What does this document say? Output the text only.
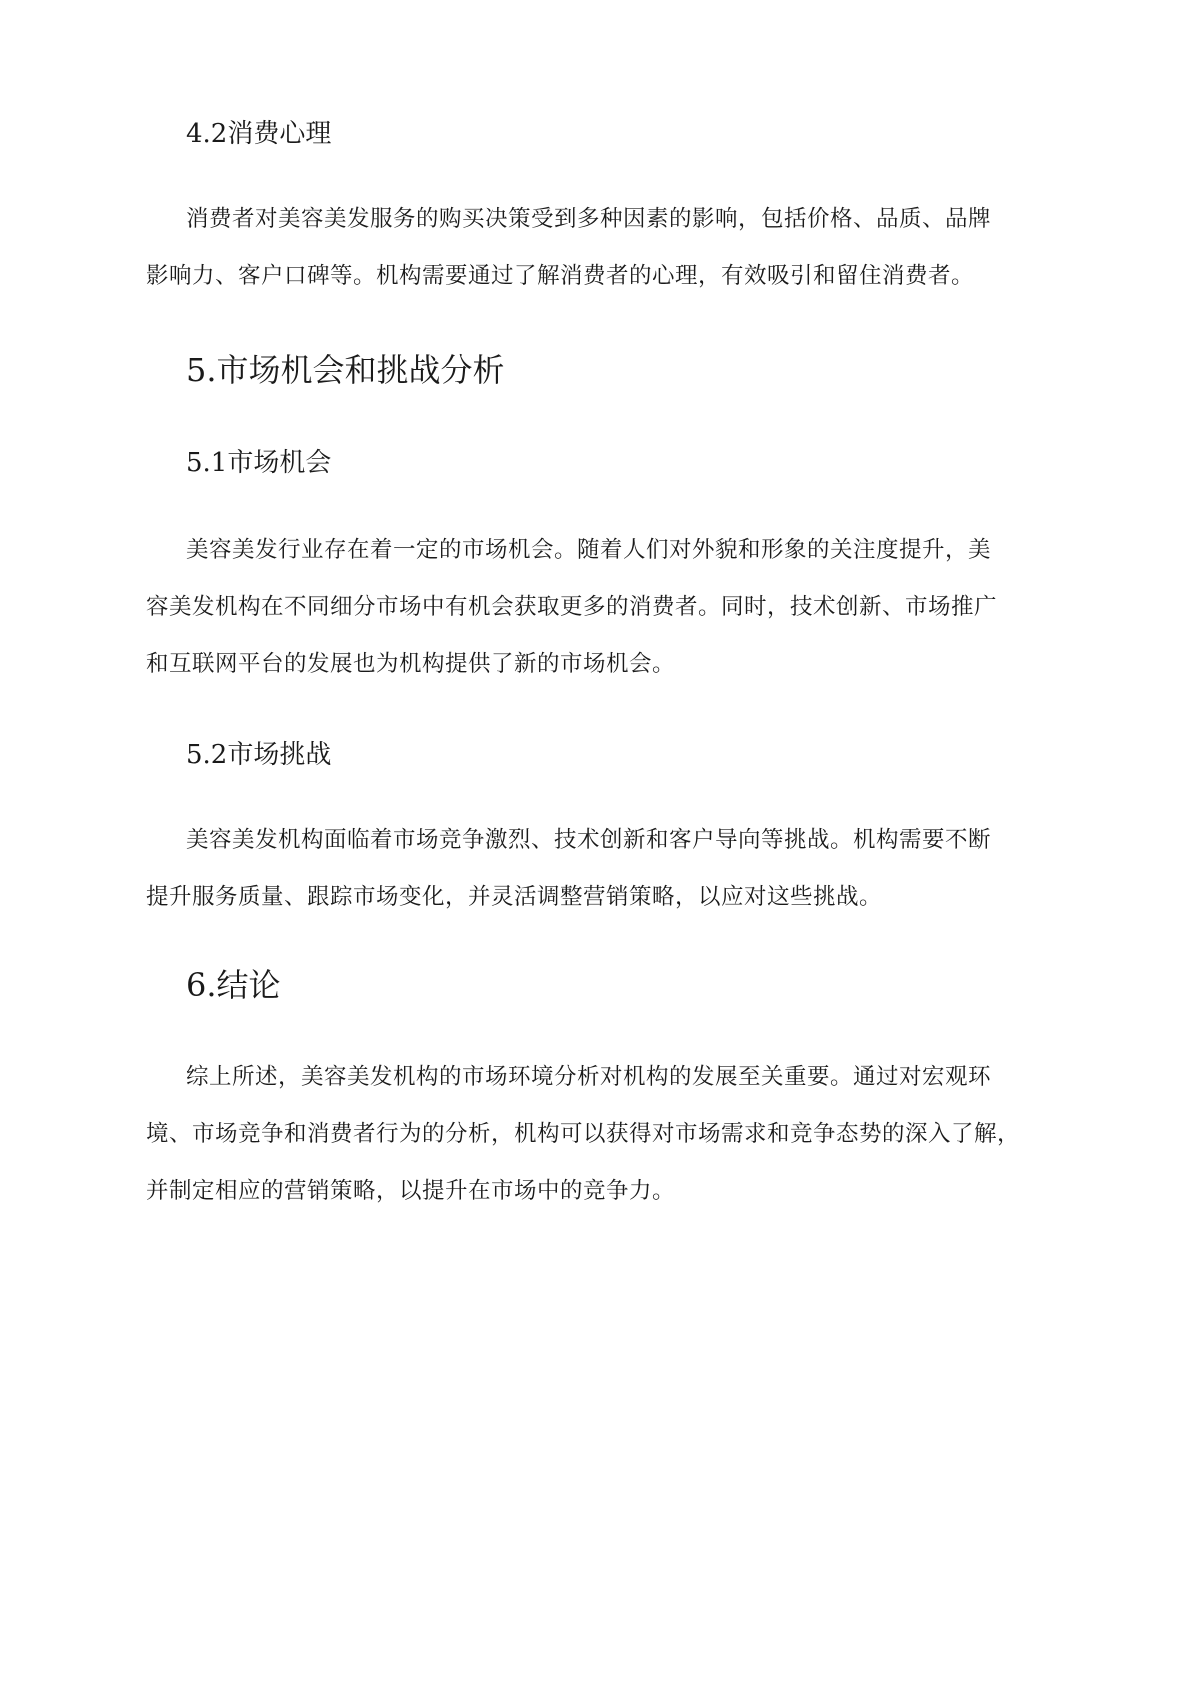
4.2消费心理

消费者对美容美发服务的购买决策受到多种因素的影响，包括价格、品质、品牌

影响力、客户口碑等。机构需要通过了解消费者的心理，有效吸引和留住消费者。

5.市场机会和挑战分析
5.1市场机会

美容美发行业存在着一定的市场机会。随着人们对外貌和形象的关注度提升，美

容美发机构在不同细分市场中有机会获取更多的消费者。同时，技术创新、市场推广

和互联网平台的发展也为机构提供了新的市场机会。

5.2市场挑战

美容美发机构面临着市场竞争激烈、技术创新和客户导向等挑战。机构需要不断

提升服务质量、跟踪市场变化，并灵活调整营销策略，以应对这些挑战。

6.结论

综上所述，美容美发机构的市场环境分析对机构的发展至关重要。通过对宏观环

境、市场竞争和消费者行为的分析，机构可以获得对市场需求和竞争态势的深入了解，

并制定相应的营销策略，以提升在市场中的竞争力。
